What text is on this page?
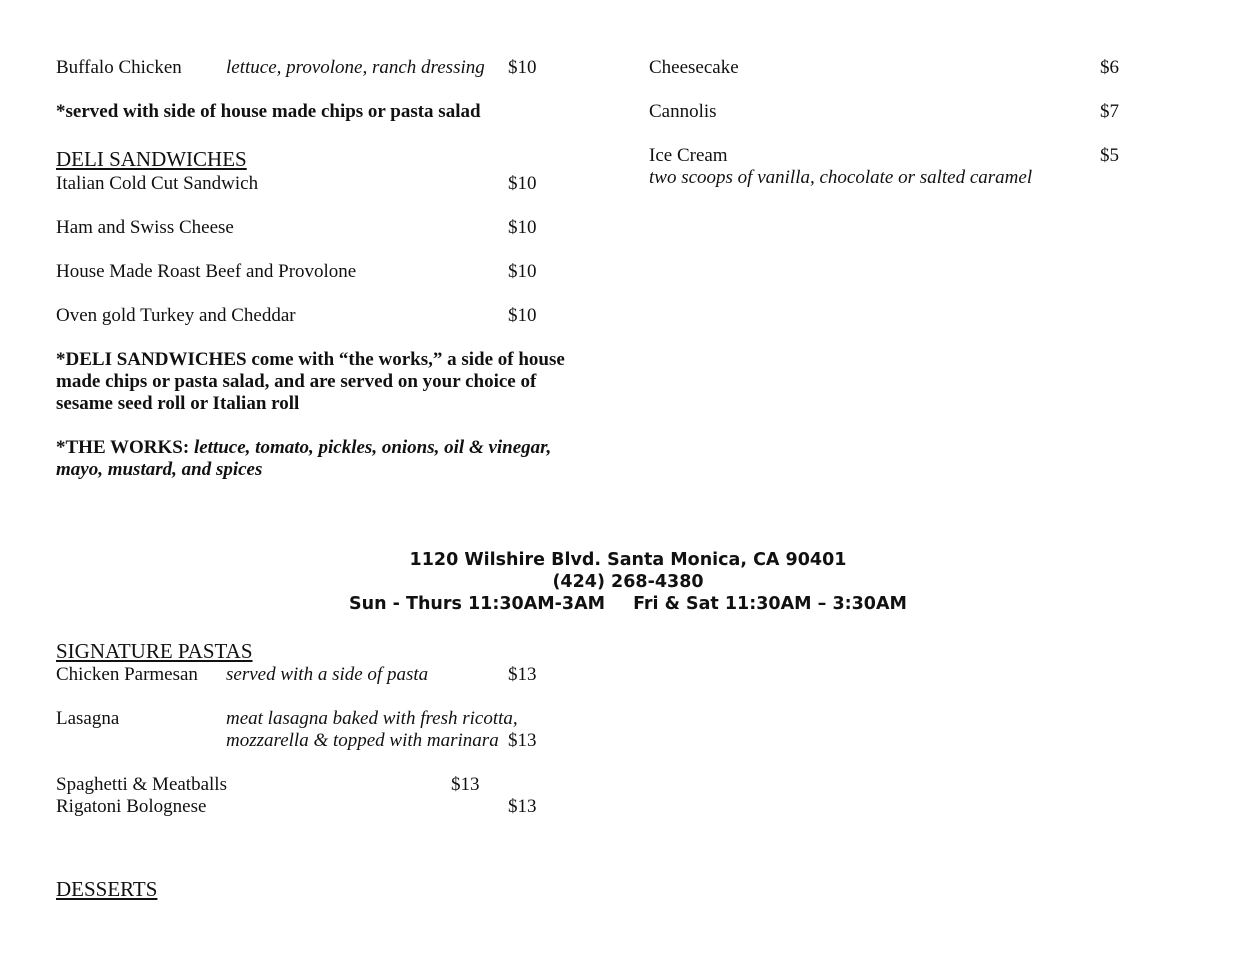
Buffalo Chicken lettuce, provolone, ranch dressing $10
*served with side of house made chips or pasta salad
DELI SANDWICHES
Italian Cold Cut Sandwich	$10
Ham and Swiss Cheese	$10
House Made Roast Beef and Provolone	$10
Oven gold Turkey and Cheddar	$10
*DELI SANDWICHES come with “the works,” a side of house
made chips or pasta salad, and are served on your choice of
sesame seed roll or Italian roll
*THE WORKS: lettuce, tomato, pickles, onions, oil & vinegar,
mayo, mustard, and spices
Cheesecake	$6
Cannolis	$7
Ice Cream	$5
two scoops of vanilla, chocolate or salted caramel
1120 Wilshire Blvd. Santa Monica, CA 90401
(424) 268-4380
Sun - Thurs 11:30AM-3AM Fri & Sat 11:30AM – 3:30AM
SIGNATURE PASTAS
Chicken Parmesan served with a side of pasta	$13
Lasagna	meat lasagna baked with fresh ricotta,
mozzarella & topped with marinara $13
Spaghetti & Meatballs	$13
Rigatoni Bolognese	$13
DESSERTS
